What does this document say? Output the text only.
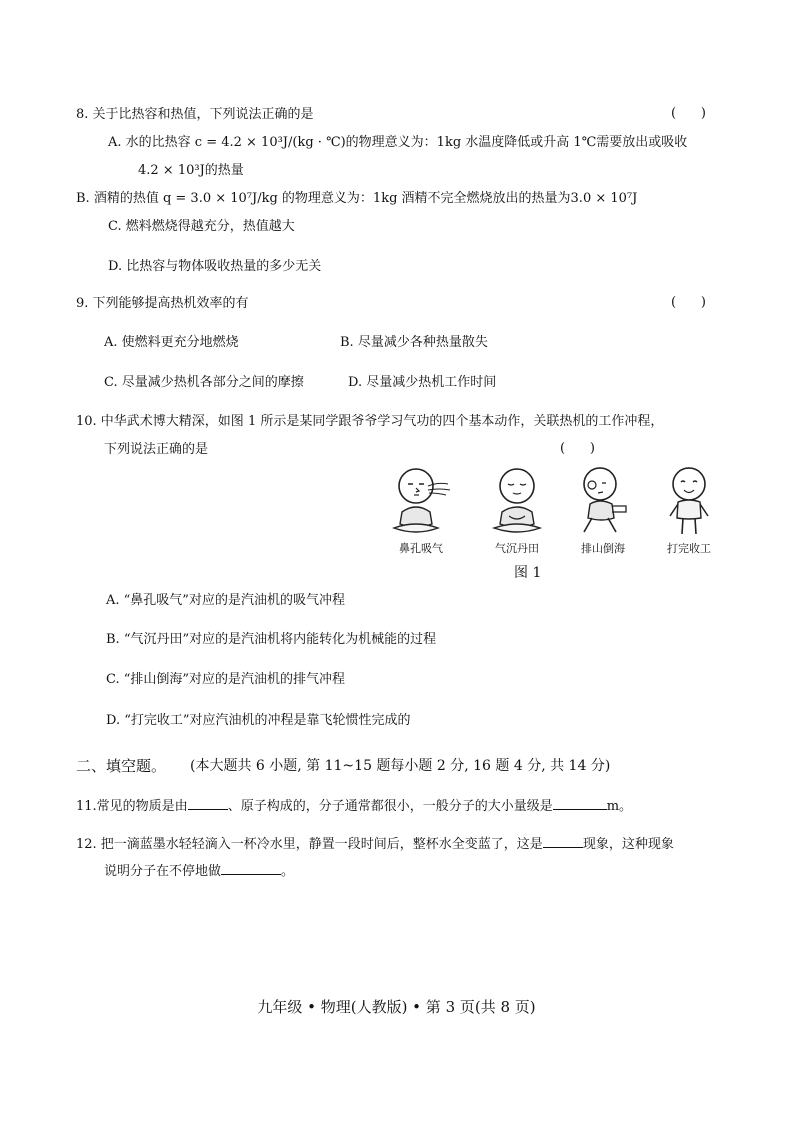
8. 关于比热容和热值，下列说法正确的是	(      )
A. 水的比热容 c = 4.2 × 10³J/(kg · ℃)的物理意义为：1kg 水温度降低或升高 1℃需要放出或吸收
4.2 × 10³J的热量
B. 酒精的热值 q = 3.0 × 10⁷J/kg 的物理意义为：1kg 酒精不完全燃烧放出的热量为3.0 × 10⁷J
C. 燃料燃烧得越充分，热值越大
D. 比热容与物体吸收热量的多少无关
9. 下列能够提高热机效率的有	(      )
A. 使燃料更充分地燃烧	B. 尽量减少各种热量散失
C. 尽量减少热机各部分之间的摩擦	D. 尽量减少热机工作时间
10. 中华武术博大精深，如图 1 所示是某同学跟爷爷学习气功的四个基本动作，关联热机的工作冲程，
下列说法正确的是	(      )
鼻孔吸气	气沉丹田	排山倒海	打完收工
图 1
A. “鼻孔吸气”对应的是汽油机的吸气冲程
B. “气沉丹田”对应的是汽油机将内能转化为机械能的过程
C. “排山倒海”对应的是汽油机的排气冲程
D. “打完收工”对应汽油机的冲程是靠飞轮惯性完成的
二、填空题。 (本大题共 6 小题, 第 11~15 题每小题 2 分, 16 题 4 分, 共 14 分)
11.常见的物质是由	、原子构成的，分子通常都很小，一般分子的大小量级是	m。
12. 把一滴蓝墨水轻轻滴入一杯冷水里，静置一段时间后，整杯水全变蓝了，这是	现象，这种现象
说明分子在不停地做	。
九年级 • 物理(人教版) • 第 3 页(共 8 页)
